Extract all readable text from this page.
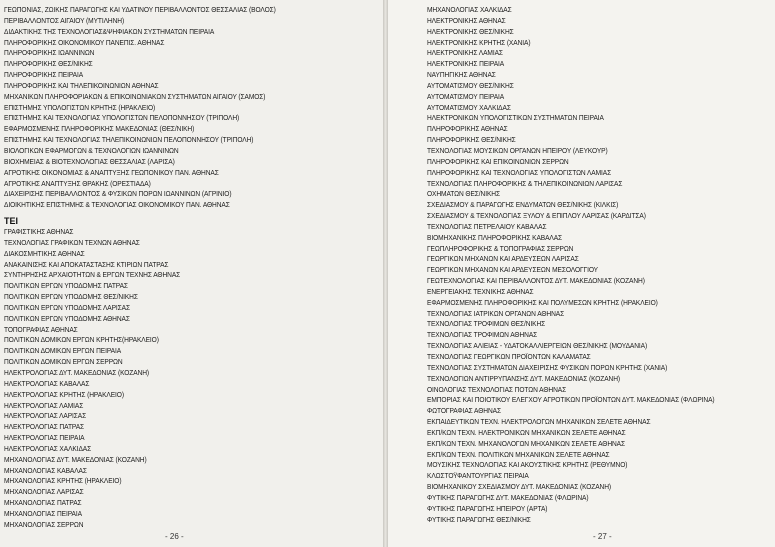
ΓΕΩΠΟΝΙΑΣ, ΖΩΙΚΗΣ ΠΑΡΑΓΩΓΗΣ ΚΑΙ ΥΔΑΤΙΝΟΥ ΠΕΡΙΒΑΛΛΟΝΤΟΣ ΘΕΣΣΑΛΙΑΣ (ΒΟΛΟΣ)
ΠΕΡΙΒΑΛΛΟΝΤΟΣ ΑΙΓΑΙΟΥ (ΜΥΤΙΛΗΝΗ)
ΔΙΔΑΚΤΙΚΗΣ ΤΗΣ ΤΕΧΝΟΛΟΓΙΑΣ&ΨΗΦΙΑΚΩΝ ΣΥΣΤΗΜΑΤΩΝ ΠΕΙΡΑΙΑ
ΠΛΗΡΟΦΟΡΙΚΗΣ ΟΙΚΟΝΟΜΙΚΟΥ ΠΑΝΕΠΙΣ. ΑΘΗΝΑΣ
ΠΛΗΡΟΦΟΡΙΚΗΣ ΙΩΑΝΝΙΝΩΝ
ΠΛΗΡΟΦΟΡΙΚΗΣ ΘΕΣ/ΝΙΚΗΣ
ΠΛΗΡΟΦΟΡΙΚΗΣ ΠΕΙΡΑΙΑ
ΠΛΗΡΟΦΟΡΙΚΗΣ ΚΑΙ ΤΗΛΕΠΙΚΟΙΝΩΝΙΩΝ ΑΘΗΝΑΣ
ΜΗΧΑΝΙΚΩΝ ΠΛΗΡΟΦΟΡΙΑΚΩΝ & ΕΠΙΚΟΙΝΩΝΙΑΚΩΝ ΣΥΣΤΗΜΑΤΩΝ ΑΙΓΑΙΟΥ (ΣΑΜΟΣ)
ΕΠΙΣΤΗΜΗΣ ΥΠΟΛΟΓΙΣΤΩΝ ΚΡΗΤΗΣ (ΗΡΑΚΛΕΙΟ)
ΕΠΙΣΤΗΜΗΣ ΚΑΙ ΤΕΧΝΟΛΟΓΙΑΣ ΥΠΟΛΟΓΙΣΤΩΝ ΠΕΛΟΠΟΝΝΗΣΟΥ (ΤΡΙΠΟΛΗ)
ΕΦΑΡΜΟΣΜΕΝΗΣ ΠΛΗΡΟΦΟΡΙΚΗΣ ΜΑΚΕΔΟΝΙΑΣ (ΘΕΣ/ΝΙΚΗ)
ΕΠΙΣΤΗΜΗΣ ΚΑΙ ΤΕΧΝΟΛΟΓΙΑΣ ΤΗΛΕΠΙΚΟΙΝΩΝΙΩΝ ΠΕΛΟΠΟΝΝΗΣΟΥ (ΤΡΙΠΟΛΗ)
ΒΙΟΛΟΓΙΚΩΝ ΕΦΑΡΜΟΓΩΝ & ΤΕΧΝΟΛΟΓΙΩΝ ΙΩΑΝΝΙΝΩΝ
ΒΙΟΧΗΜΕΙΑΣ & ΒΙΟΤΕΧΝΟΛΟΓΙΑΣ ΘΕΣΣΑΛΙΑΣ (ΛΑΡΙΣΑ)
ΑΓΡΟΤΙΚΗΣ ΟΙΚΟΝΟΜΙΑΣ & ΑΝΑΠΤΥΞΗΣ ΓΕΩΠΟΝΙΚΟΥ ΠΑΝ. ΑΘΗΝΑΣ
ΑΓΡΟΤΙΚΗΣ ΑΝΑΠΤΥΞΗΣ ΘΡΑΚΗΣ (ΟΡΕΣΤΙΑΔΑ)
ΔΙΑΧΕΙΡΙΣΗΣ ΠΕΡΙΒΑΛΛΟΝΤΟΣ & ΦΥΣΙΚΩΝ ΠΟΡΩΝ ΙΩΑΝΝΙΝΩΝ (ΑΓΡΙΝΙΟ)
ΔΙΟΙΚΗΤΙΚΗΣ ΕΠΙΣΤΗΜΗΣ & ΤΕΧΝΟΛΟΓΙΑΣ ΟΙΚΟΝΟΜΙΚΟΥ ΠΑΝ. ΑΘΗΝΑΣ
ΤΕΙ
ΓΡΑΦΙΣΤΙΚΗΣ ΑΘΗΝΑΣ
ΤΕΧΝΟΛΟΓΙΑΣ ΓΡΑΦΙΚΩΝ ΤΕΧΝΩΝ ΑΘΗΝΑΣ
ΔΙΑΚΟΣΜΗΤΙΚΗΣ ΑΘΗΝΑΣ
ΑΝΑΚΑΙΝΙΣΗΣ ΚΑΙ ΑΠΟΚΑΤΑΣΤΑΣΗΣ ΚΤΙΡΙΩΝ ΠΑΤΡΑΣ
ΣΥΝΤΗΡΗΣΗΣ ΑΡΧΑΙΟΤΗΤΩΝ & ΕΡΓΩΝ ΤΕΧΝΗΣ ΑΘΗΝΑΣ
ΠΟΛΙΤΙΚΩΝ ΕΡΓΩΝ ΥΠΟΔΟΜΗΣ ΠΑΤΡΑΣ
ΠΟΛΙΤΙΚΩΝ ΕΡΓΩΝ ΥΠΟΔΟΜΗΣ ΘΕΣ/ΝΙΚΗΣ
ΠΟΛΙΤΙΚΩΝ ΕΡΓΩΝ ΥΠΟΔΟΜΗΣ ΛΑΡΙΣΑΣ
ΠΟΛΙΤΙΚΩΝ ΕΡΓΩΝ ΥΠΟΔΟΜΗΣ ΑΘΗΝΑΣ
ΤΟΠΟΓΡΑΦΙΑΣ ΑΘΗΝΑΣ
ΠΟΛΙΤΙΚΩΝ ΔΟΜΙΚΩΝ ΕΡΓΩΝ ΚΡΗΤΗΣ(ΗΡΑΚΛΕΙΟ)
ΠΟΛΙΤΙΚΩΝ ΔΟΜΙΚΩΝ ΕΡΓΩΝ ΠΕΙΡΑΙΑ
ΠΟΛΙΤΙΚΩΝ ΔΟΜΙΚΩΝ ΕΡΓΩΝ ΣΕΡΡΩΝ
ΗΛΕΚΤΡΟΛΟΓΙΑΣ ΔΥΤ. ΜΑΚΕΔΟΝΙΑΣ (ΚΟΖΑΝΗ)
ΗΛΕΚΤΡΟΛΟΓΙΑΣ ΚΑΒΑΛΑΣ
ΗΛΕΚΤΡΟΛΟΓΙΑΣ ΚΡΗΤΗΣ (ΗΡΑΚΛΕΙΟ)
ΗΛΕΚΤΡΟΛΟΓΙΑΣ ΛΑΜΙΑΣ
ΗΛΕΚΤΡΟΛΟΓΙΑΣ ΛΑΡΙΣΑΣ
ΗΛΕΚΤΡΟΛΟΓΙΑΣ ΠΑΤΡΑΣ
ΗΛΕΚΤΡΟΛΟΓΙΑΣ ΠΕΙΡΑΙΑ
ΗΛΕΚΤΡΟΛΟΓΙΑΣ ΧΑΛΚΙΔΑΣ
ΜΗΧΑΝΟΛΟΓΙΑΣ ΔΥΤ. ΜΑΚΕΔΟΝΙΑΣ (ΚΟΖΑΝΗ)
ΜΗΧΑΝΟΛΟΓΙΑΣ ΚΑΒΑΛΑΣ
ΜΗΧΑΝΟΛΟΓΙΑΣ ΚΡΗΤΗΣ (ΗΡΑΚΛΕΙΟ)
ΜΗΧΑΝΟΛΟΓΙΑΣ ΛΑΡΙΣΑΣ
ΜΗΧΑΝΟΛΟΓΙΑΣ ΠΑΤΡΑΣ
ΜΗΧΑΝΟΛΟΓΙΑΣ ΠΕΙΡΑΙΑ
ΜΗΧΑΝΟΛΟΓΙΑΣ ΣΕΡΡΩΝ
- 26 -
ΜΗΧΑΝΟΛΟΓΙΑΣ ΧΑΛΚΙΔΑΣ
ΗΛΕΚΤΡΟΝΙΚΗΣ ΑΘΗΝΑΣ
ΗΛΕΚΤΡΟΝΙΚΗΣ ΘΕΣ/ΝΙΚΗΣ
ΗΛΕΚΤΡΟΝΙΚΗΣ ΚΡΗΤΗΣ (ΧΑΝΙΑ)
ΗΛΕΚΤΡΟΝΙΚΗΣ ΛΑΜΙΑΣ
ΗΛΕΚΤΡΟΝΙΚΗΣ ΠΕΙΡΑΙΑ
ΝΑΥΠΗΓΙΚΗΣ ΑΘΗΝΑΣ
ΑΥΤΟΜΑΤΙΣΜΟΥ ΘΕΣ/ΝΙΚΗΣ
ΑΥΤΟΜΑΤΙΣΜΟΥ ΠΕΙΡΑΙΑ
ΑΥΤΟΜΑΤΙΣΜΟΥ ΧΑΛΚΙΔΑΣ
ΗΛΕΚΤΡΟΝΙΚΩΝ ΥΠΟΛΟΓΙΣΤΙΚΩΝ ΣΥΣΤΗΜΑΤΩΝ ΠΕΙΡΑΙΑ
ΠΛΗΡΟΦΟΡΙΚΗΣ ΑΘΗΝΑΣ
ΠΛΗΡΟΦΟΡΙΚΗΣ ΘΕΣ/ΝΙΚΗΣ
ΤΕΧΝΟΛΟΓΙΑΣ ΜΟΥΣΙΚΩΝ ΟΡΓΑΝΩΝ ΗΠΕΙΡΟΥ (ΛΕΥΚΟΥΡ)
ΠΛΗΡΟΦΟΡΙΚΗΣ ΚΑΙ ΕΠΙΚΟΙΝΩΝΙΩΝ ΣΕΡΡΩΝ
ΠΛΗΡΟΦΟΡΙΚΗΣ ΚΑΙ ΤΕΧΝΟΛΟΓΙΑΣ ΥΠΟΛΟΓΙΣΤΩΝ ΛΑΜΙΑΣ
ΤΕΧΝΟΛΟΓΙΑΣ ΠΛΗΡΟΦΟΡΙΚΗΣ & ΤΗΛΕΠΙΚΟΙΝΩΝΙΩΝ ΛΑΡΙΣΑΣ
ΟΧΗΜΑΤΩΝ ΘΕΣ/ΝΙΚΗΣ
ΣΧΕΔΙΑΣΜΟΥ & ΠΑΡΑΓΩΓΗΣ ΕΝΔΥΜΑΤΩΝ ΘΕΣ/ΝΙΚΗΣ (ΚΙΛΚΙΣ)
ΣΧΕΔΙΑΣΜΟΥ & ΤΕΧΝΟΛΟΓΙΑΣ ΞΥΛΟΥ & ΕΠΙΠΛΟΥ ΛΑΡΙΣΑΣ (ΚΑΡΔΙΤΣΑ)
ΤΕΧΝΟΛΟΓΙΑΣ ΠΕΤΡΕΛΑΙΟΥ ΚΑΒΑΛΑΣ
ΒΙΟΜΗΧΑΝΙΚΗΣ ΠΛΗΡΟΦΟΡΙΚΗΣ ΚΑΒΑΛΑΣ
ΓΕΩΠΛΗΡΟΦΟΡΙΚΗΣ & ΤΟΠΟΓΡΑΦΙΑΣ ΣΕΡΡΩΝ
ΓΕΩΡΓΙΚΩΝ ΜΗΧΑΝΩΝ ΚΑΙ ΑΡΔΕΥΣΕΩΝ ΛΑΡΙΣΑΣ
ΓΕΩΡΓΙΚΩΝ ΜΗΧΑΝΩΝ ΚΑΙ ΑΡΔΕΥΣΕΩΝ ΜΕΣΟΛΟΓΓΙΟΥ
ΓΕΩΤΕΧΝΟΛΟΓΙΑΣ ΚΑΙ ΠΕΡΙΒΑΛΛΟΝΤΟΣ ΔΥΤ. ΜΑΚΕΔΟΝΙΑΣ (ΚΟΖΑΝΗ)
ΕΝΕΡΓΕΙΑΚΗΣ ΤΕΧΝΙΚΗΣ ΑΘΗΝΑΣ
ΕΦΑΡΜΟΣΜΕΝΗΣ ΠΛΗΡΟΦΟΡΙΚΗΣ ΚΑΙ ΠΟΛΥΜΕΣΩΝ ΚΡΗΤΗΣ (ΗΡΑΚΛΕΙΟ)
ΤΕΧΝΟΛΟΓΙΑΣ ΙΑΤΡΙΚΩΝ ΟΡΓΑΝΩΝ ΑΘΗΝΑΣ
ΤΕΧΝΟΛΟΓΙΑΣ ΤΡΟΦΙΜΩΝ ΘΕΣ/ΝΙΚΗΣ
ΤΕΧΝΟΛΟΓΙΑΣ ΤΡΟΦΙΜΩΝ ΑΘΗΝΑΣ
ΤΕΧΝΟΛΟΓΙΑΣ ΑΛΙΕΙΑΣ - ΥΔΑΤΟΚΑΛΛΙΕΡΓΕΙΩΝ ΘΕΣ/ΝΙΚΗΣ (ΜΟΥΔΑΝΙΑ)
ΤΕΧΝΟΛΟΓΙΑΣ ΓΕΩΡΓΙΚΩΝ ΠΡΟΪΟΝΤΩΝ ΚΑΛΑΜΑΤΑΣ
ΤΕΧΝΟΛΟΓΙΑΣ ΣΥΣΤΗΜΑΤΩΝ ΔΙΑΧΕΙΡΙΣΗΣ ΦΥΣΙΚΩΝ ΠΟΡΩΝ ΚΡΗΤΗΣ (ΧΑΝΙΑ)
ΤΕΧΝΟΛΟΓΙΩΝ ΑΝΤΙΡΡΥΠΑΝΣΗΣ ΔΥΤ. ΜΑΚΕΔΟΝΙΑΣ (ΚΟΖΑΝΗ)
ΟΙΝΟΛΟΓΙΑΣ ΤΕΧΝΟΛΟΓΙΑΣ ΠΟΤΩΝ ΑΘΗΝΑΣ
ΕΜΠΟΡΙΑΣ ΚΑΙ ΠΟΙΟΤΙΚΟΥ ΕΛΕΓΧΟΥ ΑΓΡΟΤΙΚΩΝ ΠΡΟΪΟΝΤΩΝ ΔΥΤ. ΜΑΚΕΔΟΝΙΑΣ (ΦΛΩΡΙΝΑ)
ΦΩΤΟΓΡΑΦΙΑΣ ΑΘΗΝΑΣ
ΕΚΠΑΙΔΕΥΤΙΚΩΝ ΤΕΧΝ. ΗΛΕΚΤΡΟΛΟΓΩΝ ΜΗΧΑΝΙΚΩΝ ΣΕΛΕΤΕ ΑΘΗΝΑΣ
ΕΚΠ/ΚΩΝ ΤΕΧΝ. ΗΛΕΚΤΡΟΝΙΚΩΝ ΜΗΧΑΝΙΚΩΝ ΣΕΛΕΤΕ ΑΘΗΝΑΣ
ΕΚΠ/ΚΩΝ ΤΕΧΝ. ΜΗΧΑΝΟΛΟΓΩΝ ΜΗΧΑΝΙΚΩΝ ΣΕΛΕΤΕ ΑΘΗΝΑΣ
ΕΚΠ/ΚΩΝ ΤΕΧΝ. ΠΟΛΙΤΙΚΩΝ ΜΗΧΑΝΙΚΩΝ ΣΕΛΕΤΕ ΑΘΗΝΑΣ
ΜΟΥΣΙΚΗΣ ΤΕΧΝΟΛΟΓΙΑΣ ΚΑΙ ΑΚΟΥΣΤΙΚΗΣ ΚΡΗΤΗΣ (ΡΕΘΥΜΝΟ)
ΚΛΩΣΤΟΫΦΑΝΤΟΥΡΓΙΑΣ ΠΕΙΡΑΙΑ
ΒΙΟΜΗΧΑΝΙΚΟΥ ΣΧΕΔΙΑΣΜΟΥ ΔΥΤ. ΜΑΚΕΔΟΝΙΑΣ (ΚΟΖΑΝΗ)
ΦΥΤΙΚΗΣ ΠΑΡΑΓΩΓΗΣ ΔΥΤ. ΜΑΚΕΔΟΝΙΑΣ (ΦΛΩΡΙΝΑ)
ΦΥΤΙΚΗΣ ΠΑΡΑΓΩΓΗΣ ΗΠΕΙΡΟΥ (ΑΡΤΑ)
ΦΥΤΙΚΗΣ ΠΑΡΑΓΩΓΗΣ ΘΕΣ/ΝΙΚΗΣ
- 27 -
